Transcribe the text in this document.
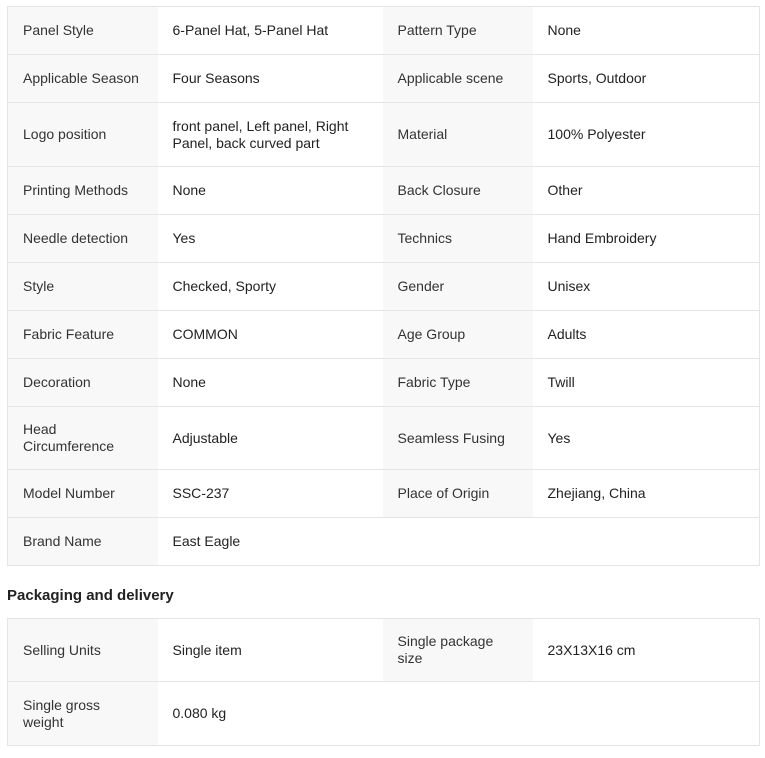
Panel Style	6-Panel Hat, 5-Panel Hat	Pattern Type	None
Applicable Season	Four Seasons	Applicable scene	Sports, Outdoor
Logo position	front panel, Left panel, Right Panel, back curved part	Material	100% Polyester
Printing Methods	None	Back Closure	Other
Needle detection	Yes	Technics	Hand Embroidery
Style	Checked, Sporty	Gender	Unisex
Fabric Feature	COMMON	Age Group	Adults
Decoration	None	Fabric Type	Twill
Head Circumference	Adjustable	Seamless Fusing	Yes
Model Number	SSC-237	Place of Origin	Zhejiang, China
Brand Name	East Eagle		
Packaging and delivery
Selling Units	Single item	Single package size	23X13X16 cm
Single gross weight	0.080 kg		
